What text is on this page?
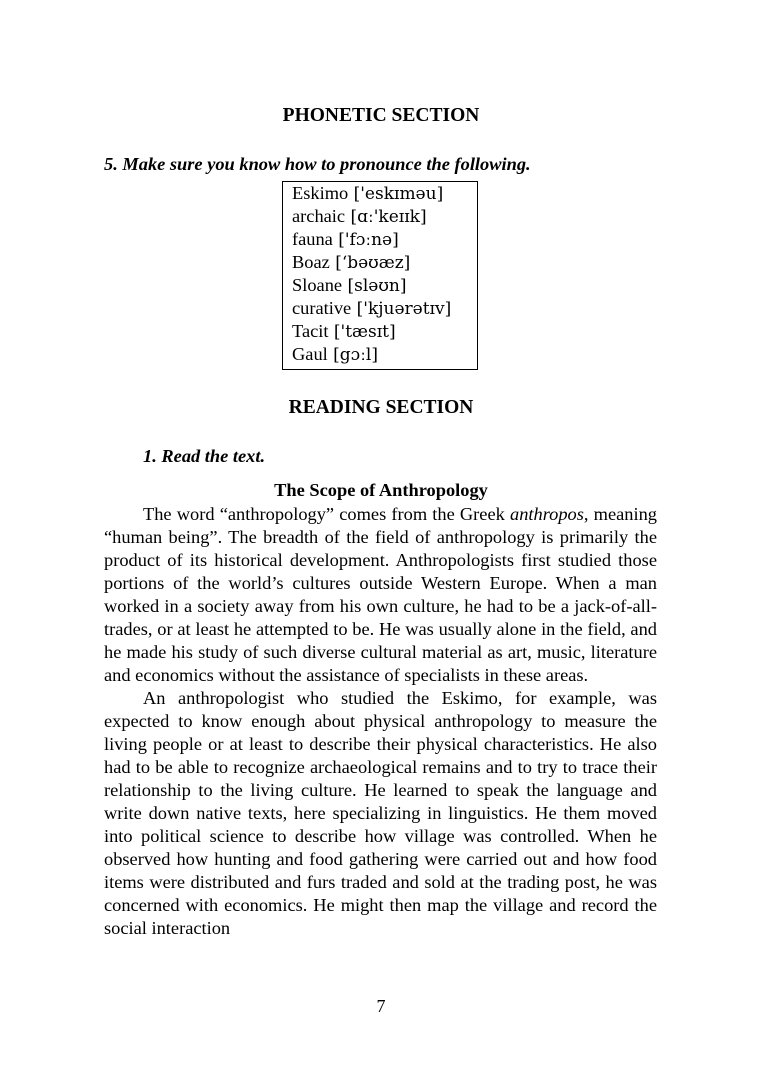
PHONETIC SECTION
5. Make sure you know how to pronounce the following.
Eskimo ['eskɪməu]
archaic [ɑː'keɪɪk]
fauna ['fɔːnə]
Boaz [‘bəʊæz]
Sloane [sləʊn]
curative ['kjuərətɪv]
Tacit ['tæsɪt]
Gaul [gɔːl]
READING SECTION
1. Read the text.
The Scope of Anthropology

The word “anthropology” comes from the Greek anthropos, meaning “human being”. The breadth of the field of anthropology is primarily the product of its historical development. Anthropologists first studied those portions of the world’s cultures outside Western Europe. When a man worked in a society away from his own culture, he had to be a jack-of-all-trades, or at least he attempted to be. He was usually alone in the field, and he made his study of such diverse cultural material as art, music, literature and economics without the assistance of specialists in these areas.

An anthropologist who studied the Eskimo, for example, was expected to know enough about physical anthropology to measure the living people or at least to describe their physical characteristics. He also had to be able to recognize archaeological remains and to try to trace their relationship to the living culture. He learned to speak the language and write down native texts, here specializing in linguistics. He them moved into political science to describe how village was controlled. When he observed how hunting and food gathering were carried out and how food items were distributed and furs traded and sold at the trading post, he was concerned with economics. He might then map the village and record the social interaction

7
